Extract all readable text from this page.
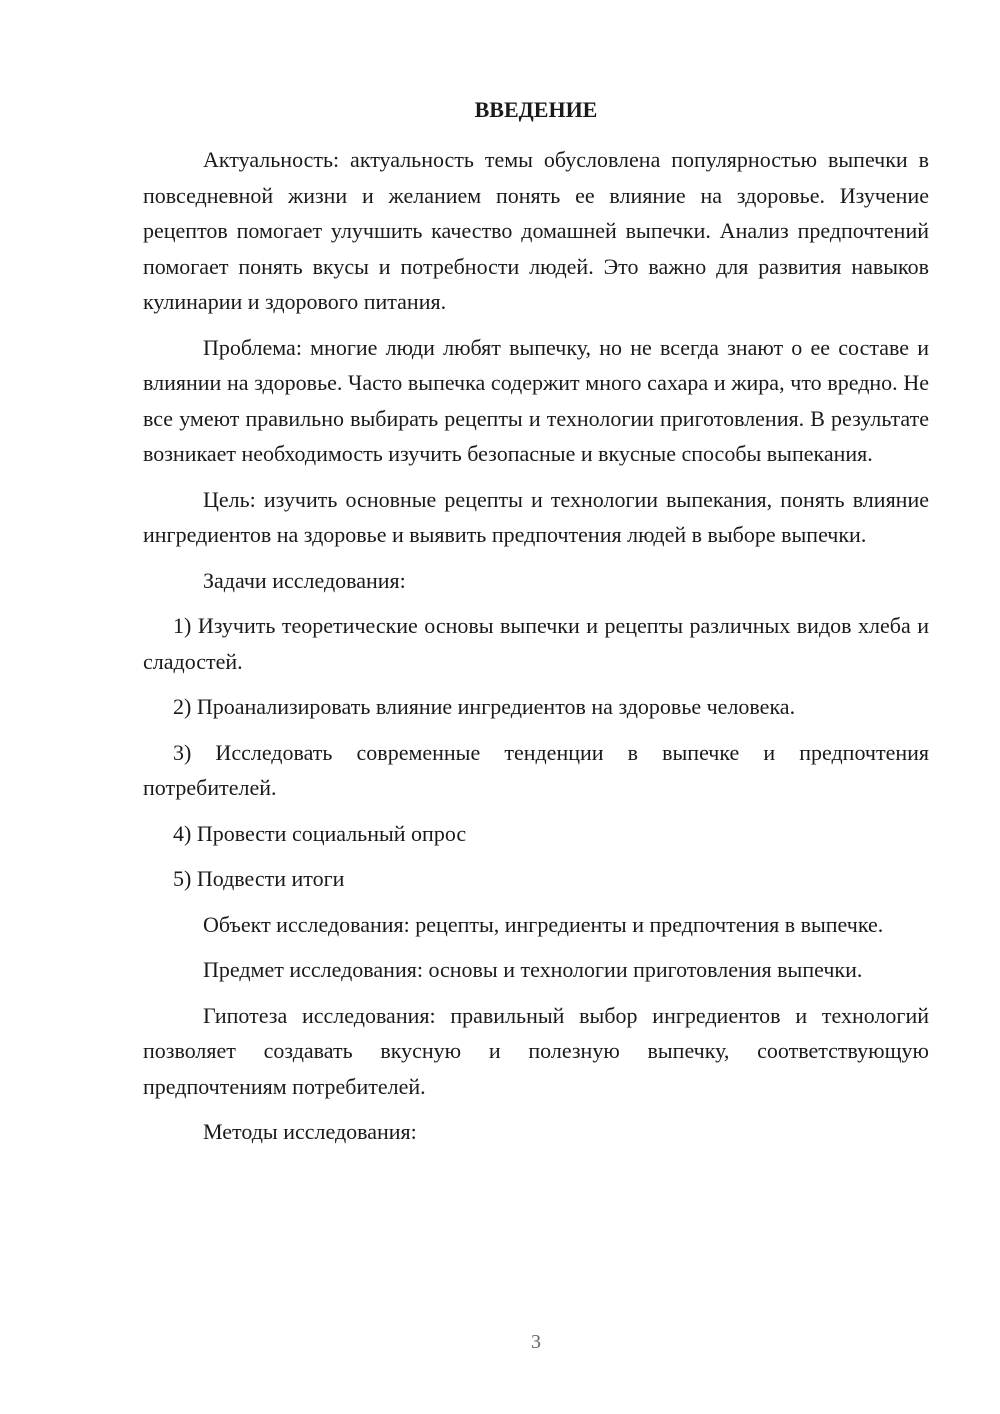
ВВЕДЕНИЕ

Актуальность: актуальность темы обусловлена популярностью выпечки в повседневной жизни и желанием понять ее влияние на здоровье. Изучение рецептов помогает улучшить качество домашней выпечки. Анализ предпочтений помогает понять вкусы и потребности людей. Это важно для развития навыков кулинарии и здорового питания.

Проблема: многие люди любят выпечку, но не всегда знают о ее составе и влиянии на здоровье. Часто выпечка содержит много сахара и жира, что вредно. Не все умеют правильно выбирать рецепты и технологии приготовления. В результате возникает необходимость изучить безопасные и вкусные способы выпекания.

Цель: изучить основные рецепты и технологии выпекания, понять влияние ингредиентов на здоровье и выявить предпочтения людей в выборе выпечки.

Задачи исследования:

1) Изучить теоретические основы выпечки и рецепты различных видов хлеба и сладостей.

2) Проанализировать влияние ингредиентов на здоровье человека.

3) Исследовать современные тенденции в выпечке и предпочтения потребителей.

4) Провести социальный опрос

5) Подвести итоги

Объект исследования: рецепты, ингредиенты и предпочтения в выпечке.

Предмет исследования: основы и технологии приготовления выпечки.

Гипотеза исследования: правильный выбор ингредиентов и технологий позволяет создавать вкусную и полезную выпечку, соответствующую предпочтениям потребителей.

Методы исследования:

3
